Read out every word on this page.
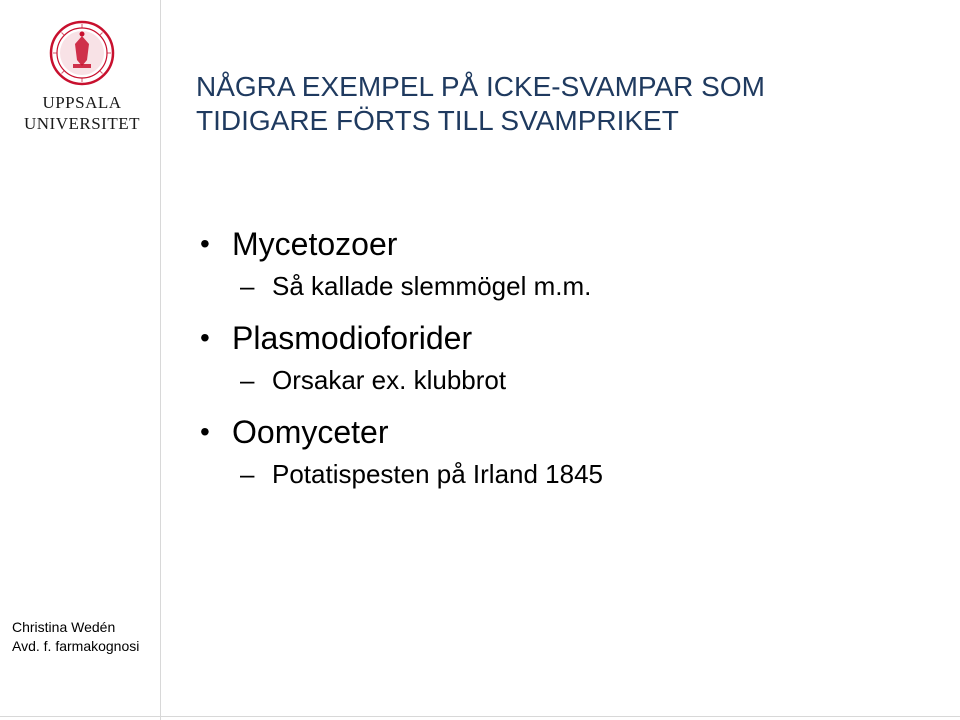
UPPSALA
UNIVERSITET
NÅGRA EXEMPEL PÅ ICKE-SVAMPAR SOM
TIDIGARE FÖRTS TILL SVAMPRIKET
• Mycetozoer
– Så kallade slemmögel m.m.
• Plasmodioforider
– Orsakar ex. klubbrot
• Oomyceter
– Potatispesten på Irland 1845
Christina Wedén
Avd. f. farmakognosi
